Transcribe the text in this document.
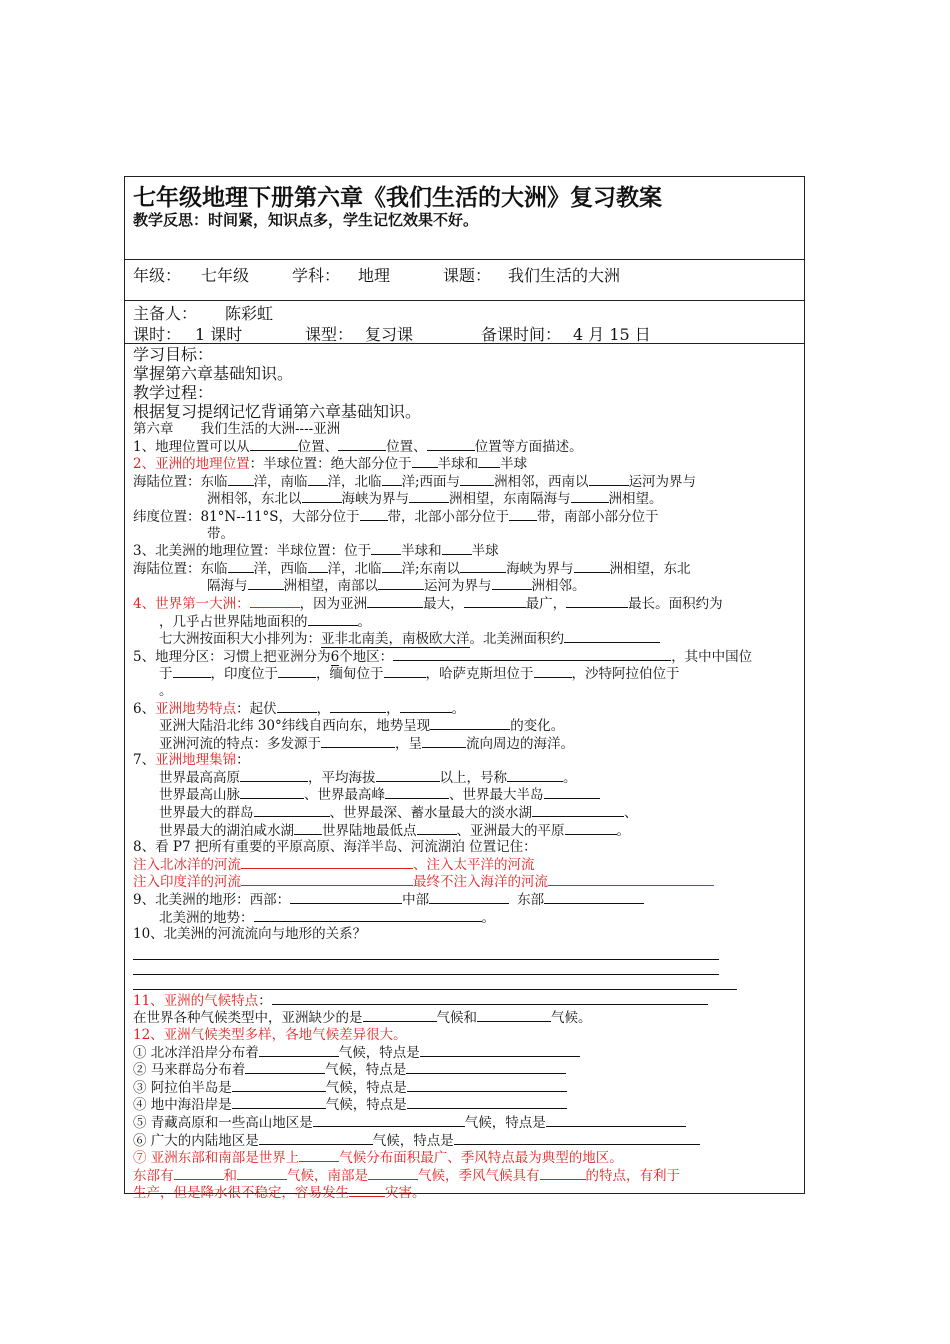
七年级地理下册第六章《我们生活的大洲》复习教案
教学反思：时间紧，知识点多，学生记忆效果不好。
年级： 七年级	学科： 地理	课题： 我们生活的大洲
主备人： 陈彩虹
课时： 1 课时	课型： 复习课	备课时间： 4 月 15 日
学习目标：
掌握第六章基础知识。
教学过程：
根据复习提纲记忆背诵第六章基础知识。
第六章　　我们生活的大洲----亚洲
1、地理位置可以从	位置、	位置、	位置等方面描述。
2、亚洲的地理位置：半球位置：绝大部分位于 半球和 半球
海陆位置：东临 洋，南临 洋，北临 洋;西面与	洲相邻，西南以	运河为界与
洲相邻，东北以	海峡为界与	洲相望，东南隔海与	洲相望。
纬度位置：81°N--11°S，大部分位于 带，北部小部分位于 带，南部小部分位于
带。
3、北美洲的地理位置：半球位置：位于 半球和 半球
海陆位置：东临 洋，西临 洋，北临 洋;东南以	海峡为界与	洲相望，东北
隔海与	洲相望，南部以	运河为界与	洲相邻。
4、世界第一大洲：	，因为亚洲	最大，	最广，	最长。面积约为
，几乎占世界陆地面积的	。
七大洲按面积大小排列为：亚非北南美，南极欧大洋。北美洲面积约
5、地理分区：习惯上把亚洲分为6个地区：	，其中中国位
于	，印度位于	，缅甸位于	，哈萨克斯坦位于	，沙特阿拉伯位于
。
6、亚洲地势特点：起伏	，	，	。
亚洲大陆沿北纬 30°纬线自西向东，地势呈现	的变化。
亚洲河流的特点：多发源于	，呈	流向周边的海洋。
7、亚洲地理集锦：
世界最高高原	，平均海拔	以上，号称	。
世界最高山脉	、世界最高峰	、世界最大半岛
世界最大的群岛	、世界最深、蓄水量最大的淡水湖	、
世界最大的湖泊咸水湖 世界陆地最低点	、亚洲最大的平原	。
8、看 P7 把所有重要的平原高原、海洋半岛、河流湖泊 位置记住：
注入北冰洋的河流	、注入太平洋的河流
注入印度洋的河流	最终不注入海洋的河流
9、北美洲的地形：西部：	中部	东部
北美洲的地势：	。
10、北美洲的河流流向与地形的关系？
11、亚洲的气候特点：
在世界各种气候类型中，亚洲缺少的是	气候和	气候。
12、亚洲气候类型多样，各地气候差异很大。
① 北冰洋沿岸分布着	气候，特点是
② 马来群岛分布着	气候，特点是
③ 阿拉伯半岛是	气候，特点是
④ 地中海沿岸是	气候，特点是
⑤ 青藏高原和一些高山地区是	气候，特点是
⑥ 广大的内陆地区是	气候，特点是
⑦ 亚洲东部和南部是世界上	气候分布面积最广、季风特点最为典型的地区。
东部有	和	气候，南部是	气候，季风气候具有	的特点，有利于
生产，但是降水很不稳定，容易发生	灾害。
